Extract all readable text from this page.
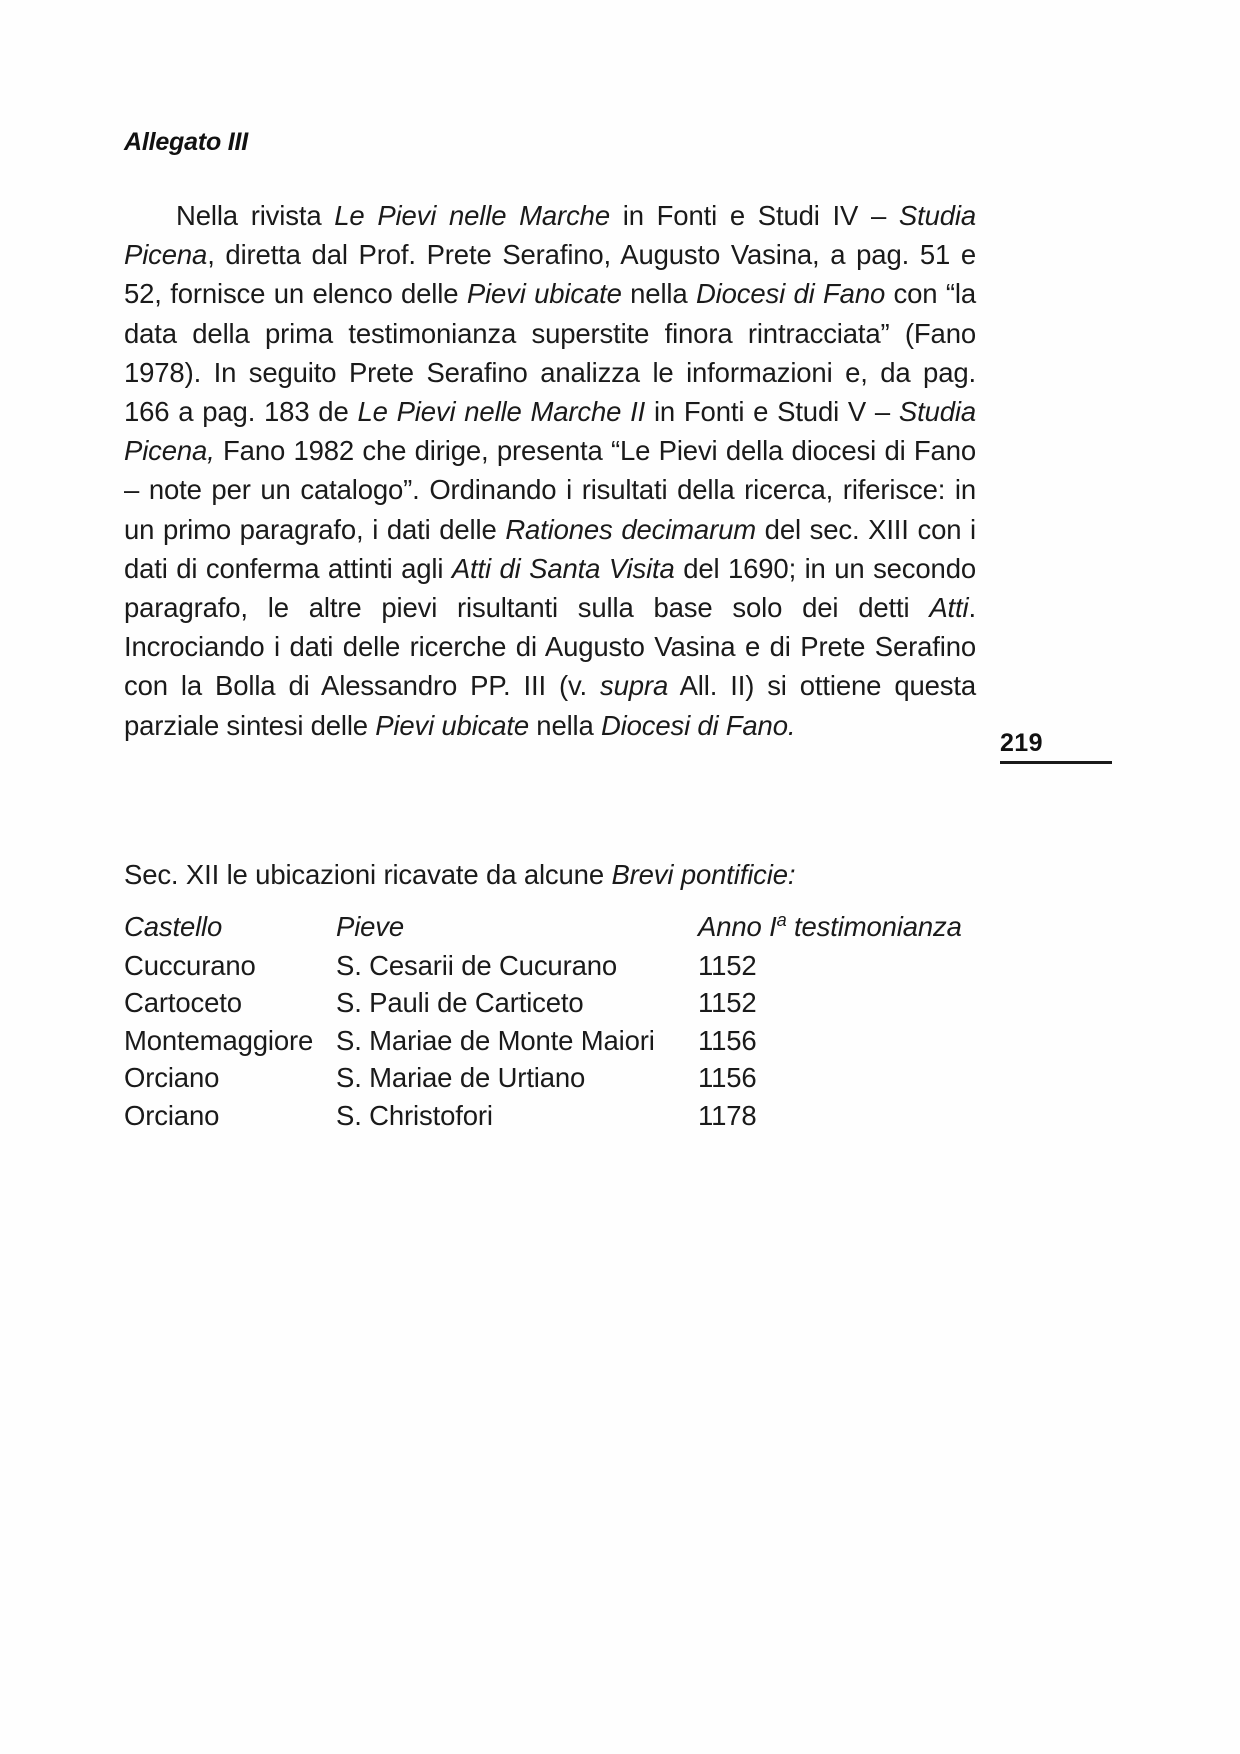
Allegato III

Nella rivista Le Pievi nelle Marche in Fonti e Studi IV – Studia Picena, diretta dal Prof. Prete Serafino, Augusto Vasina, a pag. 51 e 52, fornisce un elenco delle Pievi ubicate nella Diocesi di Fano con “la data della prima testimonianza superstite finora rintracciata” (Fano 1978). In seguito Prete Serafino analizza le informazioni e, da pag. 166 a pag. 183 de Le Pievi nelle Marche II in Fonti e Studi V – Studia Picena, Fano 1982 che dirige, presenta “Le Pievi della diocesi di Fano – note per un catalogo”. Ordinando i risultati della ricerca, riferisce: in un primo paragrafo, i dati delle Rationes decimarum del sec. XIII con i dati di conferma attinti agli Atti di Santa Visita del 1690; in un secondo paragrafo, le altre pievi risultanti sulla base solo dei detti Atti. Incrociando i dati delle ricerche di Augusto Vasina e di Prete Serafino con la Bolla di Alessandro PP. III (v. supra All. II) si ottiene questa parziale sintesi delle Pievi ubicate nella Diocesi di Fano.

219
Sec. XII le ubicazioni ricavate da alcune Brevi pontificie:
Castello	Pieve	Anno $I^a$ testimonianza
Cuccurano	S. Cesarii de Cucurano	1152
Cartoceto	S. Pauli de Carticeto	1152
Montemaggiore	S. Mariae de Monte Maiori	1156
Orciano	S. Mariae de Urtiano	1156
Orciano	S. Christofori	1178
